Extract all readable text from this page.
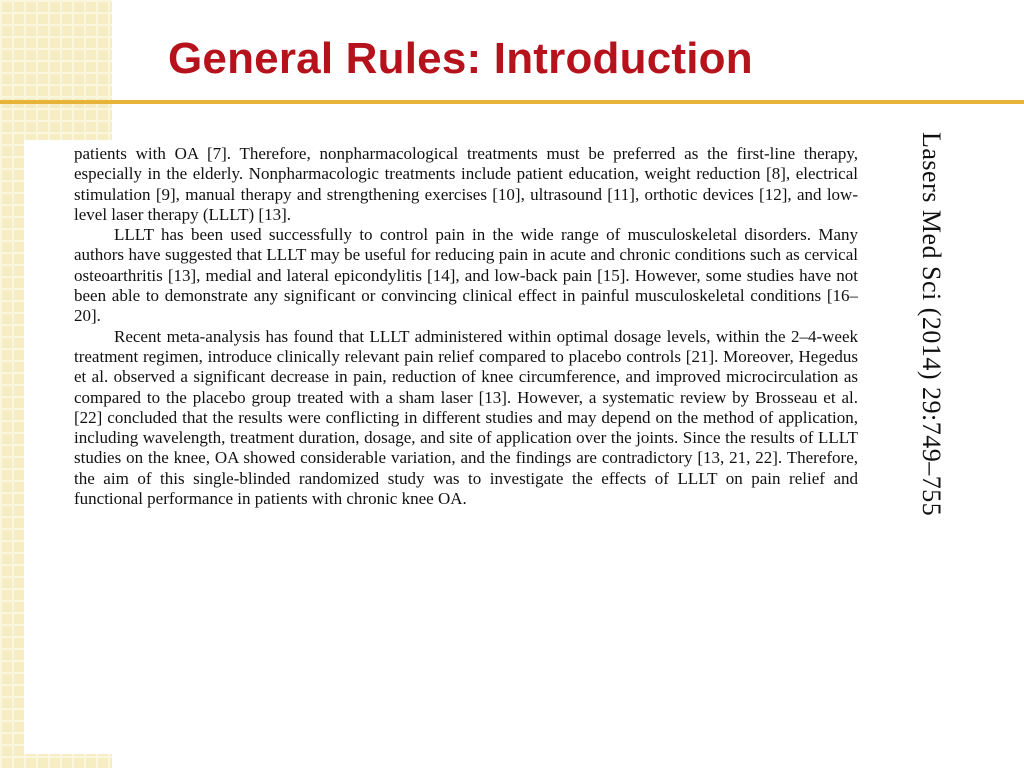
General Rules: Introduction

patients with OA [7]. Therefore, nonpharmacological treatments must be preferred as the first-line therapy, especially in the elderly. Nonpharmacologic treatments include patient education, weight reduction [8], electrical stimulation [9], manual therapy and strengthening exercises [10], ultrasound [11], orthotic devices [12], and low-level laser therapy (LLLT) [13].

LLLT has been used successfully to control pain in the wide range of musculoskeletal disorders. Many authors have suggested that LLLT may be useful for reducing pain in acute and chronic conditions such as cervical osteoarthritis [13], medial and lateral epicondylitis [14], and low-back pain [15]. However, some studies have not been able to demonstrate any significant or convincing clinical effect in painful musculoskeletal conditions [16–20].

Recent meta-analysis has found that LLLT administered within optimal dosage levels, within the 2–4-week treatment regimen, introduce clinically relevant pain relief compared to placebo controls [21]. Moreover, Hegedus et al. observed a significant decrease in pain, reduction of knee circumference, and improved microcirculation as compared to the placebo group treated with a sham laser [13]. However, a systematic review by Brosseau et al. [22] concluded that the results were conflicting in different studies and may depend on the method of application, including wavelength, treatment duration, dosage, and site of application over the joints. Since the results of LLLT studies on the knee, OA showed considerable variation, and the findings are contradictory [13, 21, 22]. Therefore, the aim of this single-blinded randomized study was to investigate the effects of LLLT on pain relief and functional performance in patients with chronic knee OA.	Lasers Med Sci (2014) 29:749–755
